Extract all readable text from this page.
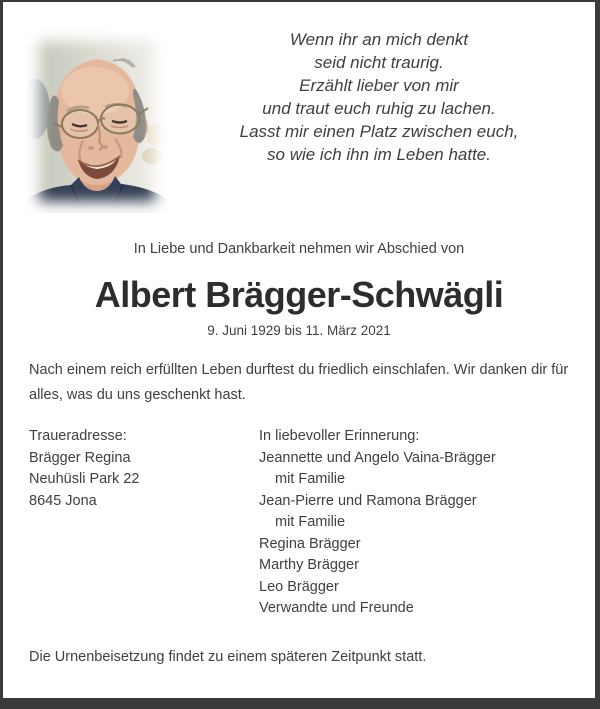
Wenn ihr an mich denkt
seid nicht traurig.
Erzählt lieber von mir
und traut euch ruhig zu lachen.
Lasst mir einen Platz zwischen euch,
so wie ich ihn im Leben hatte.
In Liebe und Dankbarkeit nehmen wir Abschied von
Albert Brägger-Schwägli
9. Juni 1929 bis 11. März 2021
Nach einem reich erfüllten Leben durftest du friedlich einschlafen. Wir danken dir für
alles, was du uns geschenkt hast.
Traueradresse:
Brägger Regina
Neuhüsli Park 22
8645 Jona
In liebevoller Erinnerung:
Jeannette und Angelo Vaina-Brägger
mit Familie
Jean-Pierre und Ramona Brägger
mit Familie
Regina Brägger
Marthy Brägger
Leo Brägger
Verwandte und Freunde
Die Urnenbeisetzung findet zu einem späteren Zeitpunkt statt.
